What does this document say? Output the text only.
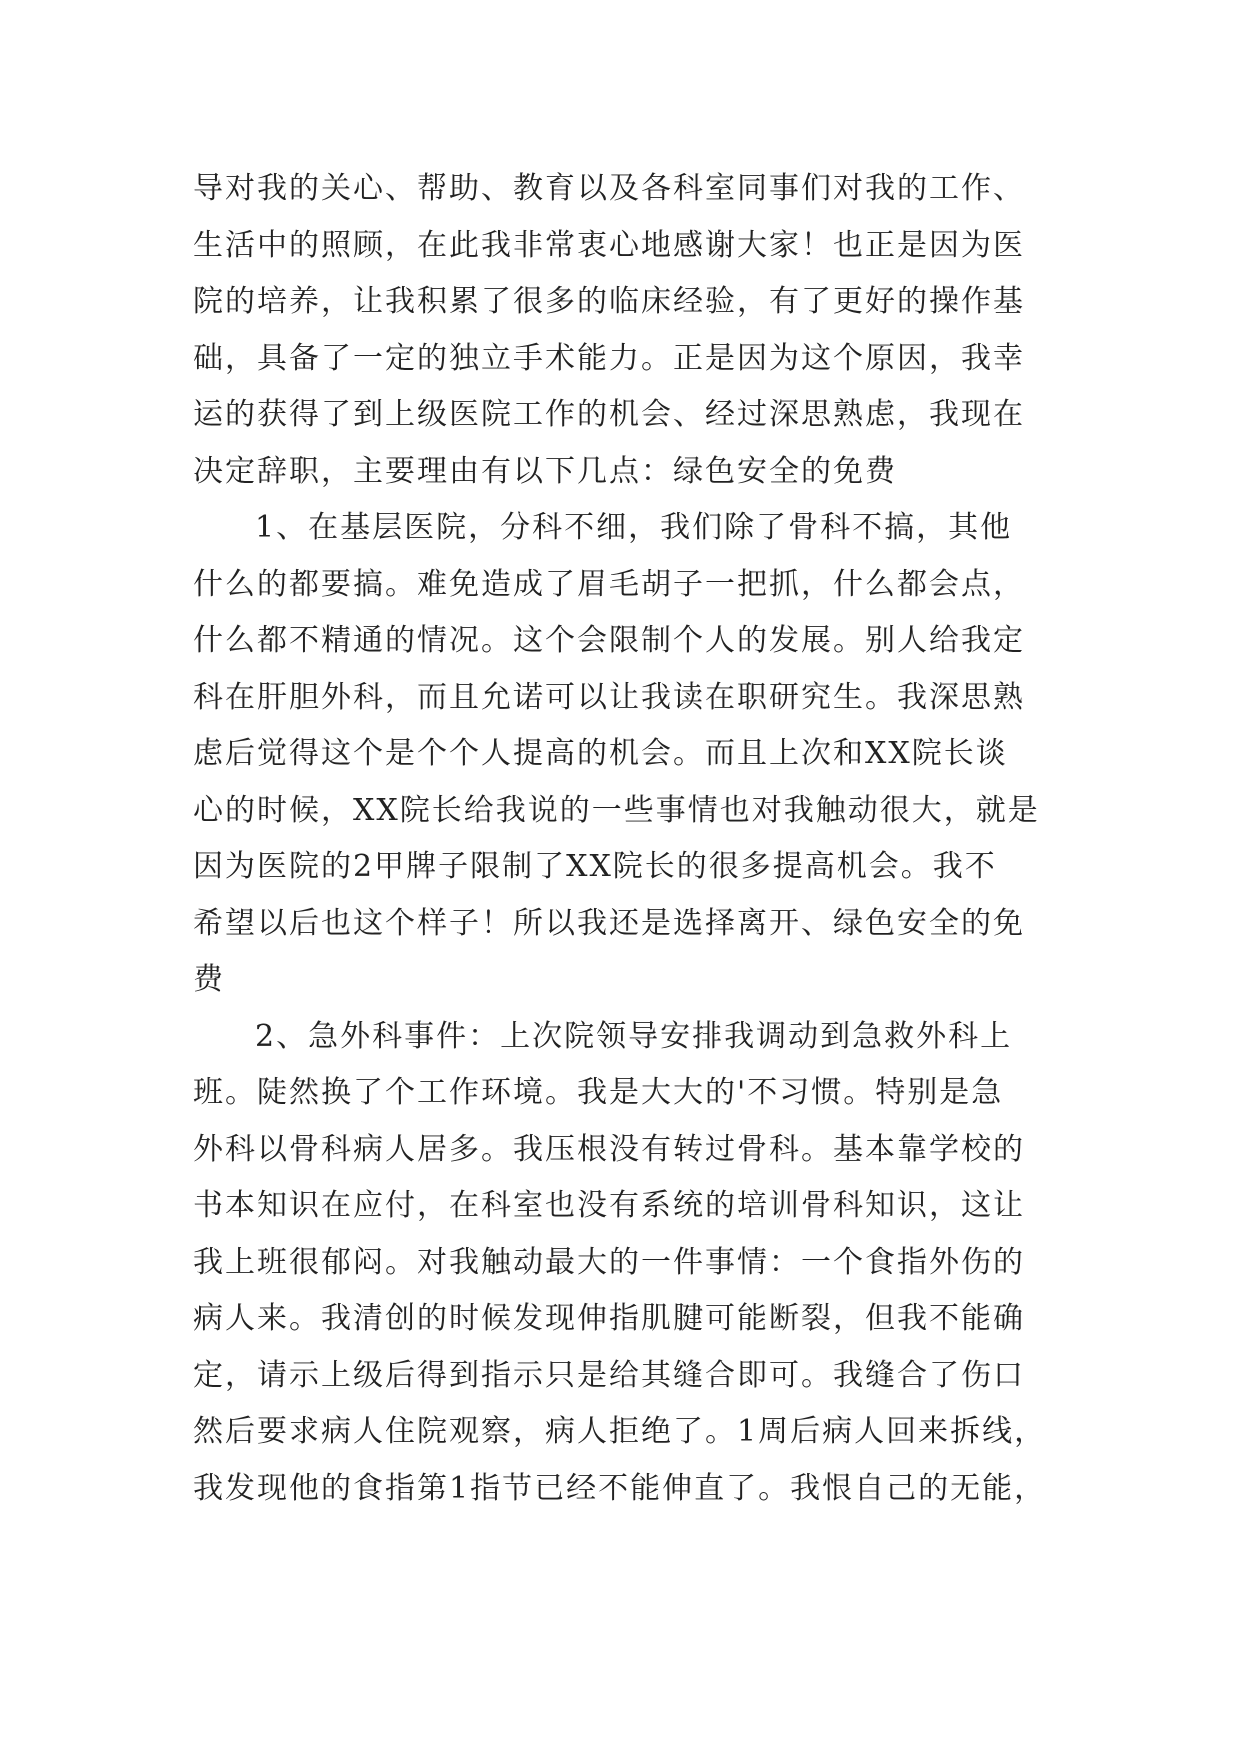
导对我的关心、帮助、教育以及各科室同事们对我的工作、
生活中的照顾，在此我非常衷心地感谢大家！也正是因为医
院的培养，让我积累了很多的临床经验，有了更好的操作基
础，具备了一定的独立手术能力。正是因为这个原因，我幸
运的获得了到上级医院工作的机会、经过深思熟虑，我现在
决定辞职，主要理由有以下几点：绿色安全的免费
1、在基层医院，分科不细，我们除了骨科不搞，其他
什么的都要搞。难免造成了眉毛胡子一把抓，什么都会点，
什么都不精通的情况。这个会限制个人的发展。别人给我定
科在肝胆外科，而且允诺可以让我读在职研究生。我深思熟
虑后觉得这个是个个人提高的机会。而且上次和XX院长谈
心的时候，XX院长给我说的一些事情也对我触动很大，就是
因为医院的2甲牌子限制了XX院长的很多提高机会。我不
希望以后也这个样子！所以我还是选择离开、绿色安全的免
费
2、急外科事件：上次院领导安排我调动到急救外科上
班。陡然换了个工作环境。我是大大的'不习惯。特别是急
外科以骨科病人居多。我压根没有转过骨科。基本靠学校的
书本知识在应付，在科室也没有系统的培训骨科知识，这让
我上班很郁闷。对我触动最大的一件事情：一个食指外伤的
病人来。我清创的时候发现伸指肌腱可能断裂，但我不能确
定，请示上级后得到指示只是给其缝合即可。我缝合了伤口
然后要求病人住院观察，病人拒绝了。1周后病人回来拆线，
我发现他的食指第1指节已经不能伸直了。我恨自己的无能，
